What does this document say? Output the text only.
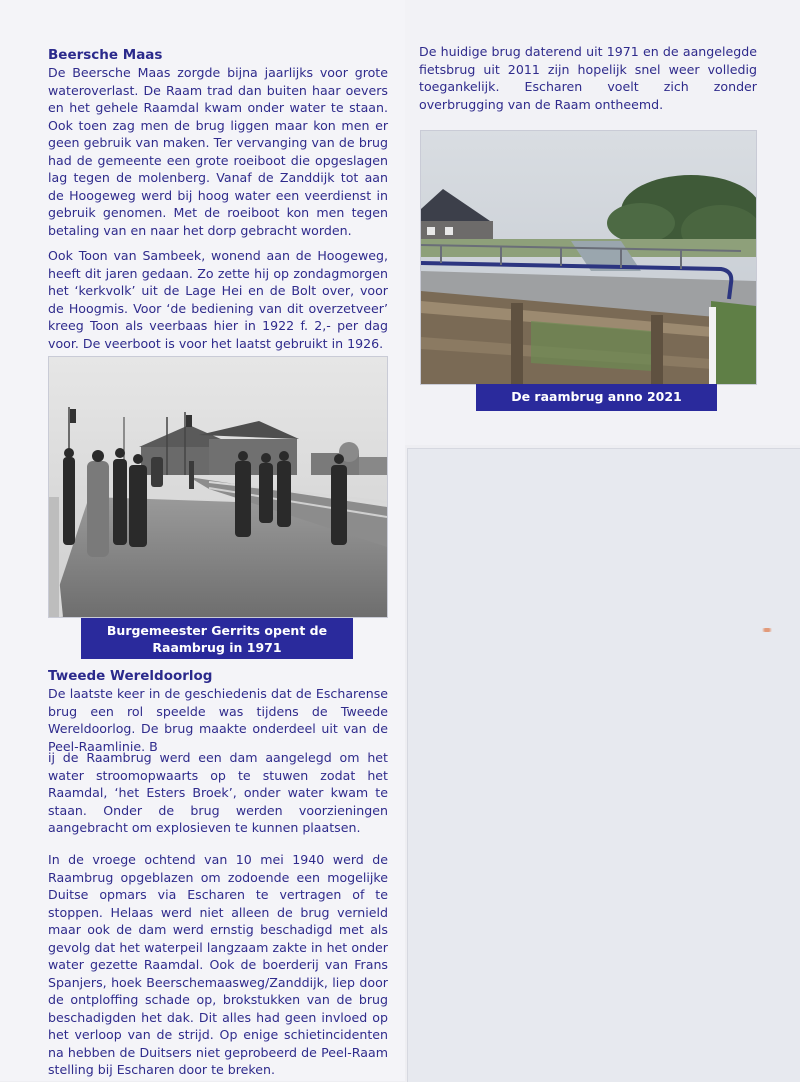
Beersche Maas

De Beersche Maas zorgde bijna jaarlijks voor grote wateroverlast. De Raam trad dan buiten haar oevers en het gehele Raamdal kwam onder water te staan. Ook toen zag men de brug liggen maar kon men er geen gebruik van maken. Ter vervanging van de brug had de gemeente een grote roeiboot die opgeslagen lag tegen de molenberg. Vanaf de Zanddijk tot aan de Hoogeweg werd bij hoog water een veerdienst in gebruik genomen. Met de roeiboot kon men tegen betaling van en naar het dorp gebracht worden.

Ook Toon van Sambeek, wonend aan de Hoogeweg, heeft dit jaren gedaan. Zo zette hij op zondagmorgen het ‘kerkvolk’ uit de Lage Hei en de Bolt over, voor de Hoogmis. Voor ‘de bediening van dit overzetveer’ kreeg Toon als veerbaas hier in 1922 f. 2,- per dag voor. De veerboot is voor het laatst gebruikt in 1926.

Burgemeester Gerrits opent de Raambrug in 1971
Tweede Wereldoorlog

De laatste keer in de geschiedenis dat de Escharense brug een rol speelde was tijdens de Tweede Wereldoorlog. De brug maakte onderdeel uit van de Peel-Raamlinie. B

ij de Raambrug werd een dam aangelegd om het water stroomopwaarts op te stuwen zodat het Raamdal, ‘het Esters Broek’, onder water kwam te staan. Onder de brug werden voorzieningen aangebracht om explosieven te kunnen plaatsen.

In de vroege ochtend van 10 mei 1940 werd de Raambrug opgeblazen om zodoende een mogelijke Duitse opmars via Escharen te vertragen of te stoppen. Helaas werd niet alleen de brug vernield maar ook de dam werd ernstig beschadigd met als gevolg dat het waterpeil langzaam zakte in het onder water gezette Raamdal. Ook de boerderij van Frans Spanjers, hoek Beerschemaasweg/Zanddijk, liep door de ontploffing schade op, brokstukken van de brug beschadigden het dak. Dit alles had geen invloed op het verloop van de strijd. Op enige schietincidenten na hebben de Duitsers niet geprobeerd de Peel-Raam stelling bij Escharen door te breken.

De huidige brug daterend uit 1971 en de aangelegde fietsbrug uit 2011 zijn hopelijk snel weer volledig toegankelijk. Escharen voelt zich zonder overbrugging van de Raam ontheemd.

De raambrug anno 2021
